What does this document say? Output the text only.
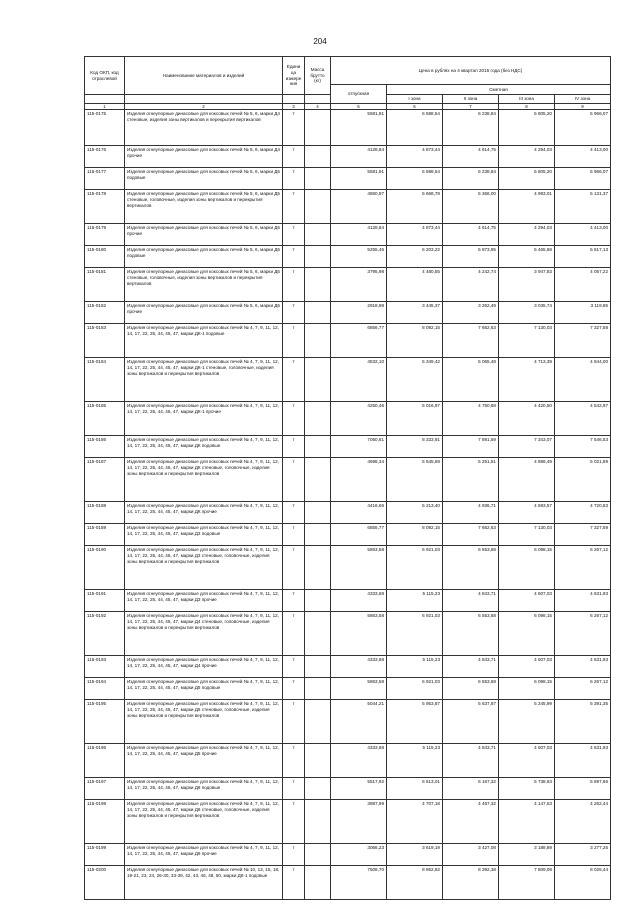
204
Код ОКП, код отраслевой	Наименование материалов и изделий	Едини ца измере ния	Масса брутто (кг)	Цена в рублях на 4 квартал 2015 года (без НДС)				
				отпускная	Сметная			
					I зона	II зона	III зона	IV зона
1	2	3	4	5	6	7	8	9
115-0175	Изделия огнеупорные динасовые для коксовых печей № 5, 6, марки Д4 стеновые, изделия зоны вертикалов и перекрытия вертикалов	т		5581,91	6 588,54	6 238,84	5 805,20	5 966,07
115-0176	Изделия огнеупорные динасовые для коксовых печей № 5, 6, марки Д4 прочие	т		4128,84	4 873,44	4 614,75	4 294,03	4 413,00
115-0177	Изделия огнеупорные динасовые для коксовых печей № 5, 6, марки Д5 подовые	т		5581,91	6 588,54	6 238,84	5 805,20	5 966,07
115-0178	Изделия огнеупорные динасовые для коксовых печей № 5, 6, марки Д5 стеновые, головочные, изделия зоны вертикалов и перекрытия вертикалов	т		4860,97	5 668,78	5 366,00	4 993,01	5 131,37
115-0179	Изделия огнеупорные динасовые для коксовых печей № 5, 6, марки Д5 прочие	т		4128,84	4 873,44	4 614,75	4 294,03	4 413,00
115-0180	Изделия огнеупорные динасовые для коксовых печей № 5, 6, марки Д6 подовые	т		5255,45	6 203,22	5 873,95	5 465,68	5 617,13
115-0181	Изделия огнеупорные динасовые для коксовых печей № 5, 6, марки Д6 стеновые, головочные, изделия зоны вертикалов и перекрытия вертикалов	т		3795,98	4 480,55	4 242,74	3 947,83	4 057,22
115-0182	Изделия огнеупорные динасовые для коксовых печей № 5, 6, марки Д6 прочие	т		2918,98	3 445,37	3 262,49	3 035,74	3 119,85
115-0183	Изделия огнеупорные динасовые для коксовых печей № 4, 7, 9, 11, 12, 14, 17, 22, 25, 44, 45, 47, марки ДК-1 подовые	т		6856,77	8 092,15	7 662,63	7 130,03	7 327,58
115-0184	Изделия огнеупорные динасовые для коксовых печей № 4, 7, 9, 11, 12, 14, 17, 22, 25, 44, 45, 47, марки ДК-1 стеновые, головочные, изделия зоны вертикалов и перекрытия вертикалов	т		4532,10	5 349,42	5 065,48	4 713,39	4 844,00
115-0185	Изделия огнеупорные динасовые для коксовых печей № 4, 7, 9, 11, 12, 14, 17, 22, 25, 44, 45, 47, марки ДК-1 прочие	т		4250,46	5 016,97	4 750,68	4 420,50	4 542,97
115-0186	Изделия огнеупорные динасовые для коксовых печей № 4, 7, 9, 11, 12, 14, 17, 22, 25, 44, 45, 47, марки ДК подовые	т		7060,61	8 333,91	7 891,59	7 343,07	7 546,53
115-0187	Изделия огнеупорные динасовые для коксовых печей № 4, 7, 9, 11, 12, 14, 17, 22, 25, 44, 45, 47, марки ДК стеновые, головочные, изделия зоны вертикалов и перекрытия вертикалов	т		4698,34	5 545,69	5 251,51	4 886,49	5 021,89
115-0188	Изделия огнеупорные динасовые для коксовых печей № 4, 7, 9, 11, 12, 14, 17, 22, 25, 44, 45, 47, марки ДК прочие	т		4416,66	5 213,40	4 936,71	4 593,57	4 720,83
115-0189	Изделия огнеупорные динасовые для коксовых печей № 4, 7, 9, 11, 12, 14, 17, 22, 25, 44, 45, 47, марки Д3 подовые	т		6855,77	8 092,15	7 662,63	7 130,03	7 327,59
115-0190	Изделия огнеупорные динасовые для коксовых печей № 4, 7, 9, 11, 12, 14, 17, 22, 25, 44, 45, 47, марки Д3 стеновые, головочные, изделия зоны вертикалов и перекрытия вертикалов	т		5863,58	6 921,03	6 553,68	6 098,15	6 267,12
115-0191	Изделия огнеупорные динасовые для коксовых печей № 4, 7, 9, 11, 12, 14, 17, 22, 25, 44, 45, 47, марки Д3 прочие	т		4333,68	5 115,23	4 843,71	4 507,03	4 631,93
115-0192	Изделия огнеупорные динасовые для коксовых печей № 4, 7, 9, 11, 12, 14, 17, 22, 25, 44, 45, 47, марки Д4 стеновые, головочные, изделия зоны вертикалов и перекрытия вертикалов	т		5863,58	6 921,03	6 553,68	6 098,15	6 267,12
115-0193	Изделия огнеупорные динасовые для коксовых печей № 4, 7, 9, 11, 12, 14, 17, 22, 25, 44, 45, 47, марки Д4 прочие	т		4333,68	5 115,23	4 843,71	4 507,03	4 631,93
115-0194	Изделия огнеупорные динасовые для коксовых печей № 4, 7, 9, 11, 12, 14, 17, 22, 25, 44, 45, 47, марки Д5 подовые	т		5863,58	6 921,03	6 553,68	6 098,15	6 267,12
115-0195	Изделия огнеупорные динасовые для коксовых печей № 4, 7, 9, 11, 12, 14, 17, 22, 25, 44, 45, 47, марки Д5 стеновые, головочные, изделия зоны вертикалов и перекрытия вертикалов	т		5044,21	5 953,87	5 637,87	5 245,99	5 391,35
115-0196	Изделия огнеупорные динасовые для коксовых печей № 4, 7, 9, 11, 12, 14, 17, 22, 25, 44, 45, 47, марки Д5 прочие	т		4333,68	5 115,23	4 843,71	4 507,03	4 631,93
115-0197	Изделия огнеупорные динасовые для коксовых печей № 4, 7, 9, 11, 12, 14, 17, 22, 25, 44, 45, 47, марки Д6 подовые	т		5517,92	6 513,01	6 167,32	5 738,63	5 897,66
115-0198	Изделия огнеупорные динасовые для коксовых печей № 4, 7, 9, 11, 12, 14, 17, 22, 25, 44, 45, 47, марки Д6 стеновые, головочные, изделия зоны вертикалов и перекрытия вертикалов	т		3987,99	4 707,18	4 457,32	4 147,53	4 262,44
115-0199	Изделия огнеупорные динасовые для коксовых печей № 4, 7, 9, 11, 12, 14, 17, 22, 25, 44, 45, 47, марки Д6 прочие	т		3066,23	3 619,19	3 427,08	3 188,89	3 277,25
115-0200	Изделия огнеупорные динасовые для коксовых печей № 10, 13, 15, 18, 19-21, 23, 24, 26-30, 33-39, 42, 43, 46, 48, 50, марки ДК-1 подовые	т		7508,70	8 862,82	8 392,38	7 809,09	8 025,44
